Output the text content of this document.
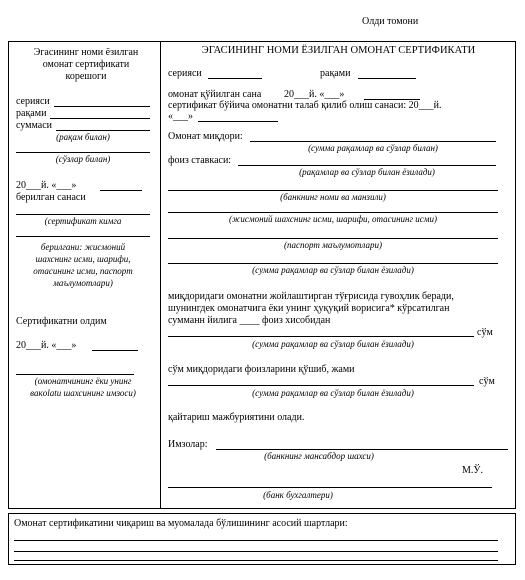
Олди томони
Эгасининг номи ёзилган
омонат сертификати
корешоги
серияси
рақами
суммаси
(рақам билан)
(сўзлар билан)
20___й. «___»
берилган санаси
(сертификат кимга
берилгани: жисмоний
шахснинг исми, шарифи,
отасининг исми, паспорт
маълумотлари)
Сертификатни олдим
20___й. «___»
(омонатчининг ёки унинг
вакolatи шахсининг имзоси)
ЭГАСИНИНГ НОМИ ЁЗИЛГАН ОМОНАТ СЕРТИФИКАТИ
серияси	рақами
омонат қўйилган сана 20___й. «___»
сертификат бўйича омонатни талаб қилиб олиш санаси: 20___й.
«___»
Омонат миқдори:
(сумма рақамлар ва сўзлар билан)
фоиз ставкаси:
(рақамлар ва сўзлар билан ёзилади)
(банкнинг номи ва манзили)
(жисмоний шахснинг исми, шарифи, отасининг исми)
(паспорт маълумотлари)
(сумма рақамлар ва сўзлар билан ёзилади)
миқдоридаги омонатни жойлаштирган тўғрисида гувоҳлик беради,
шунингдек омонатчига ёки унинг ҳуқуқий ворисига* кўрсатилган
сумманн йилига ____ фоиз хисобидан
сўм
(сумма рақамлар ва сўзлар билан ёзилади)
сўм миқдоридаги фоизларини қўшиб, жами
сўм
(сумма рақамлар ва сўзлар билан ёзилади)
қайтариш мажбуриятини олади.
Имзолар:
(банкнинг мансабдор шахси)
М.Ў.
(банк бухгалтери)
Омонат сертификатини чиқариш ва муомалада бўлишининг асосий шартлари:
